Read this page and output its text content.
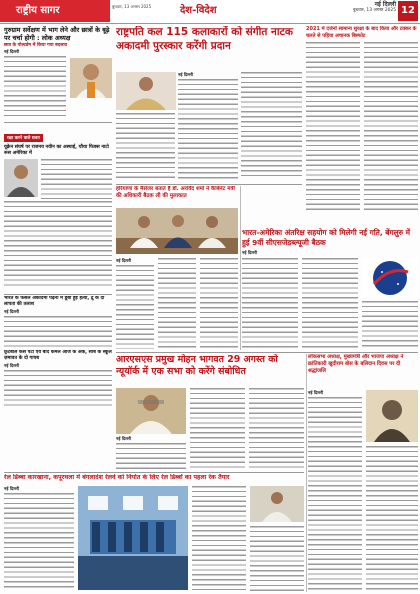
राष्ट्रीय सागर	बुधवार, 13 अगस्त 2025	देश-विदेश
नई दिल्ली
बुधवार, 13 अगस्त 2025 12
गुरुग्राम सर्वेक्षण में भाग लेने और छात्रों के बूढ़े पर चर्चा होगी : लोक अध्यक्ष
छात्र के पोल्टर्डम में किया गया बदलाव
नई दिल्ली
राष्ट्रपति कल 115 कलाकारों को संगीत नाटक अकादमी पुरस्कार करेंगी प्रदान
2021 में दर्जनों सामान्य सुरक्षा के बाद किया और टक्कर के चलते से पहिया अचानक बिस्फोट
रक्षा करने वाले ग़लत
यूक्रेन संघर्ष पर राजनय नवीन का अस्थाई, चौथा फिक्स नाटो रूस अमेरिका में
नई दिल्ली
हरियाणा के मैसेंजर बताते हैं डॉ. अरविंद शर्मा ने कैबिनेट मंत्री की अधिकारी बैठक ली की मुलाकात
नई दिल्ली
भारत-अमेरिका अंतरिक्ष सहयोग को मिलेगी नई गति, बेंगलुरु में हुई 9वीं सीएसजेडब्ल्यूजी बैठक
नई दिल्ली
भारत के फैसल अकादमी पढ़ना में डूबी हुई हत्या, द्रु के दो लापता की तलाश
नई दिल्ली
फ़ुटबॉल कैसे पेटी एवं बाद कमल आज के अंक, सौबे के स्कूल ज़मावत के दो गायब
नई दिल्ली
आरएसएस प्रमुख मोहन भागवत 29 अगस्त को न्यूयॉर्क में एक सभा को करेंगे संबोधित
नई दिल्ली
लोकसभा अध्यक्ष, मुख्यमंत्री और भाजपा अध्यक्ष ने क्रांतिकारी खुदीराम बोस के बलिदान दिवस पर दी श्रद्धांजलि
नई दिल्ली
रेल डिब्बा कारखाना, कपूरथला में बंगलादेश रेलवे को निर्यात के लिए रेल डिब्बों का पहला रेक तैयार
नई दिल्ली
